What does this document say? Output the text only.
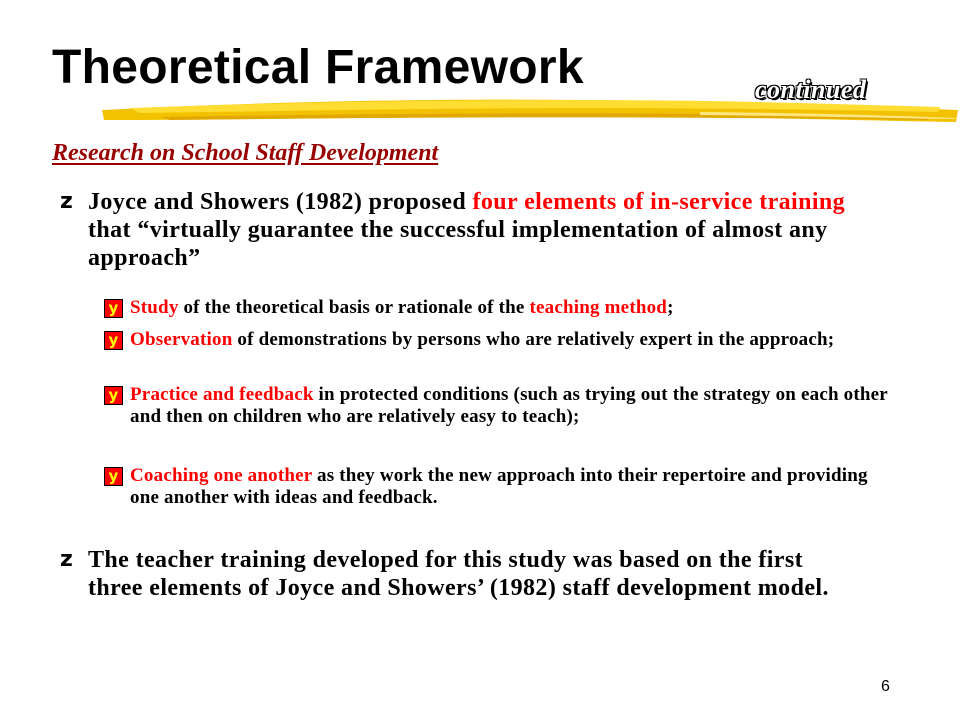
Theoretical Framework	continued
Research on School Staff Development
z Joyce and Showers (1982) proposed four elements of in-service training that “virtually guarantee the successful implementation of almost any approach”
y Study of the theoretical basis or rationale of the teaching method;
y Observation of demonstrations by persons who are relatively expert in the approach;
y Practice and feedback in protected conditions (such as trying out the strategy on each other and then on children who are relatively easy to teach);
y Coaching one another as they work the new approach into their repertoire and providing one another with ideas and feedback.
z The teacher training developed for this study was based on the first three elements of Joyce and Showers’ (1982) staff development model.
6
